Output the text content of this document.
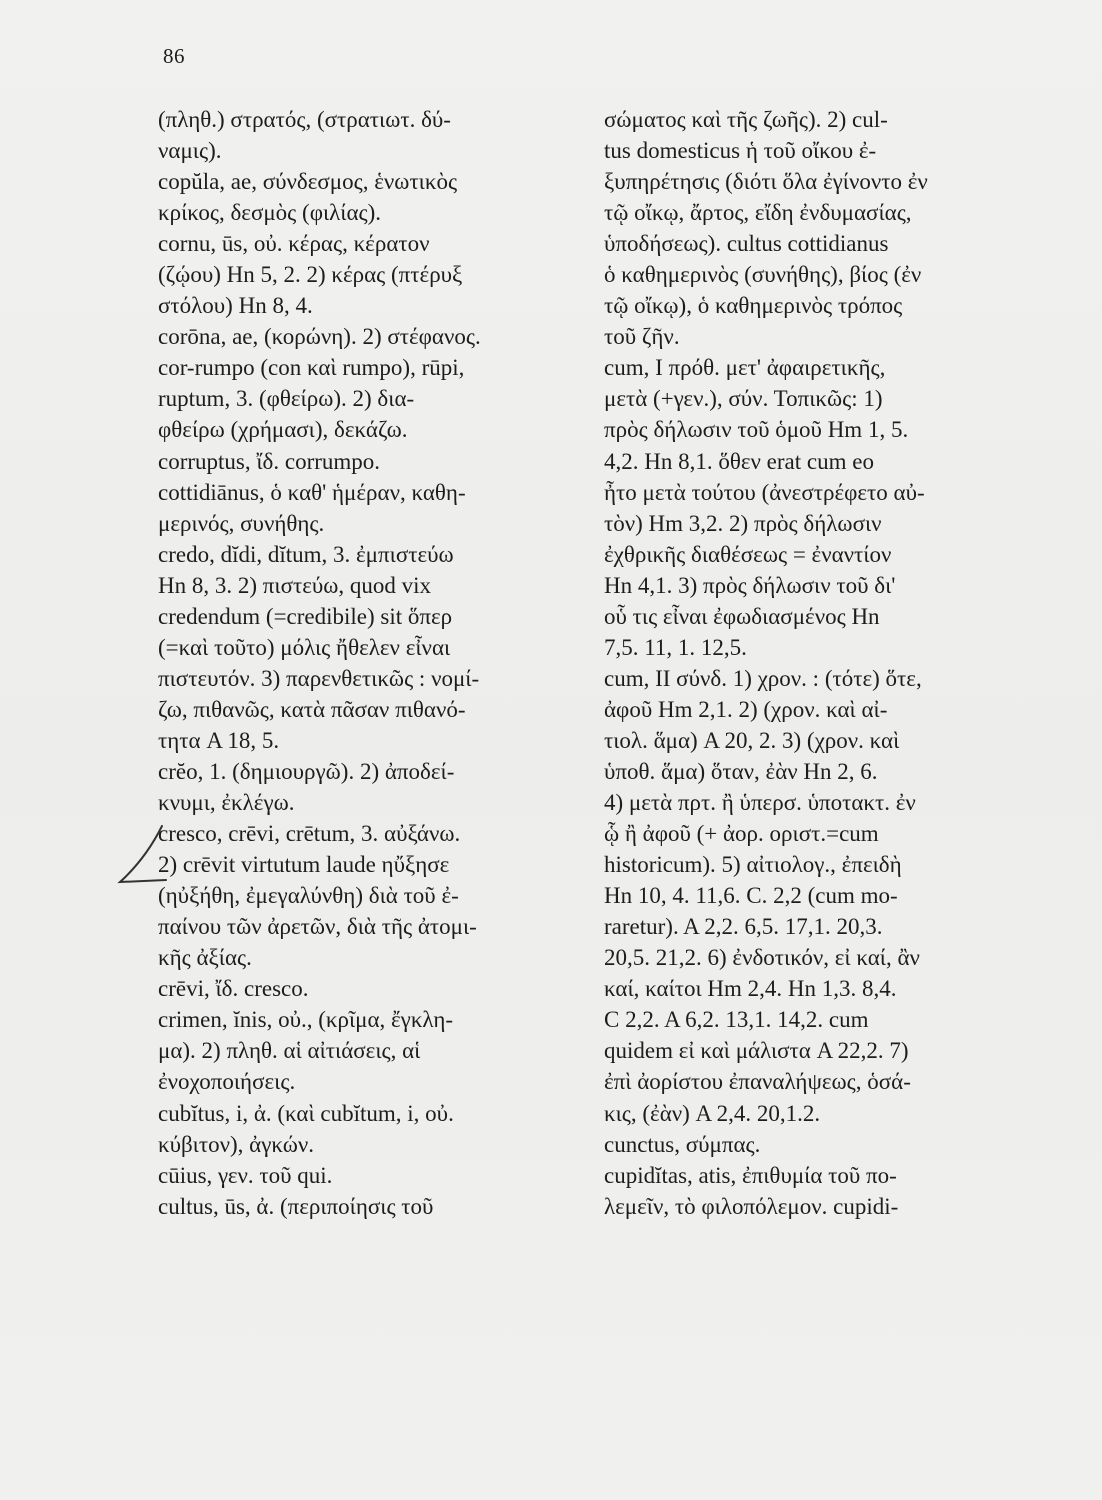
86
(πληθ.) στρατός, (στρατιωτ. δύ-
ναμις).
copŭla, ae, σύνδεσμος, ἑνωτικὸς
κρίκος, δεσμὸς (φιλίας).
cornu, ūs, οὐ. κέρας, κέρατον
(ζῴου) Hn 5, 2. 2) κέρας (πτέρυξ
στόλου) Hn 8, 4.
corōna, ae, (κορώνη). 2) στέφανος.
cor-rumpo (con καὶ rumpo), rūpi,
ruptum, 3. (φθείρω). 2) δια-
φθείρω (χρήμασι), δεκάζω.
corruptus, ἴδ. corrumpo.
cottidiānus, ὁ καθ' ἡμέραν, καθη-
μερινός, συνήθης.
credo, dĭdi, dĭtum, 3. ἐμπιστεύω
Hn 8, 3. 2) πιστεύω, quod vix
credendum (=credibile) sit ὅπερ
(=καὶ τοῦτο) μόλις ἤθελεν εἶναι
πιστευτόν. 3) παρενθετικῶς : νομί-
ζω, πιθανῶς, κατὰ πᾶσαν πιθανό-
τητα A 18, 5.
crĕo, 1. (δημιουργῶ). 2) ἀποδεί-
κνυμι, ἐκλέγω.
cresco, crēvi, crētum, 3. αὐξάνω.
2) crēvit virtutum laude ηὔξησε
(ηὐξήθη, ἐμεγαλύνθη) διὰ τοῦ ἐ-
παίνου τῶν ἀρετῶν, διὰ τῆς ἀτομι-
κῆς ἀξίας.
crēvi, ἴδ. cresco.
crimen, ĭnis, οὐ., (κρῖμα, ἔγκλη-
μα). 2) πληθ. αἱ αἰτιάσεις, αἱ
ἐνοχοποιήσεις.
cubĭtus, i, ἀ. (καὶ cubĭtum, i, οὐ.
κύβιτον), ἀγκών.
cūius, γεν. τοῦ qui.
cultus, ūs, ἀ. (περιποίησις τοῦ
σώματος καὶ τῆς ζωῆς). 2) cul-
tus domesticus ἡ τοῦ οἴκου ἐ-
ξυπηρέτησις (διότι ὅλα ἐγίνοντο ἐν
τῷ οἴκῳ, ἄρτος, εἴδη ἐνδυμασίας,
ὑποδήσεως). cultus cottidianus
ὁ καθημερινὸς (συνήθης), βίος (ἐν
τῷ οἴκῳ), ὁ καθημερινὸς τρόπος
τοῦ ζῆν.
cum, I πρόθ. μετ' ἀφαιρετικῆς,
μετὰ (+γεν.), σύν. Τοπικῶς: 1)
πρὸς δήλωσιν τοῦ ὁμοῦ Hm 1, 5.
4,2. Hn 8,1. ὅθεν erat cum eo
ἦτο μετὰ τούτου (ἀνεστρέφετο αὐ-
τὸν) Hm 3,2. 2) πρὸς δήλωσιν
ἐχθρικῆς διαθέσεως = ἐναντίον
Hn 4,1. 3) πρὸς δήλωσιν τοῦ δι'
οὗ τις εἶναι ἐφωδιασμένος Hn
7,5. 11, 1. 12,5.
cum, II σύνδ. 1) χρον. : (τότε) ὅτε,
ἀφοῦ Hm 2,1. 2) (χρον. καὶ αἰ-
τιολ. ἅμα) A 20, 2. 3) (χρον. καὶ
ὑποθ. ἅμα) ὅταν, ἐὰν Hn 2, 6.
4) μετὰ πρτ. ἢ ὑπερσ. ὑποτακτ. ἐν
ᾧ ἢ ἀφοῦ (+ ἀορ. οριστ.=cum
historicum). 5) αἰτιολογ., ἐπειδὴ
Hn 10, 4. 11,6. C. 2,2 (cum mo-
raretur). A 2,2. 6,5. 17,1. 20,3.
20,5. 21,2. 6) ἐνδοτικόν, εἰ καί, ἂν
καί, καίτοι Hm 2,4. Hn 1,3. 8,4.
C 2,2. A 6,2. 13,1. 14,2. cum
quidem εἰ καὶ μάλιστα A 22,2. 7)
ἐπὶ ἀορίστου ἐπαναλήψεως, ὁσά-
κις, (ἐὰν) A 2,4. 20,1.2.
cunctus, σύμπας.
cupidĭtas, atis, ἐπιθυμία τοῦ πο-
λεμεῖν, τὸ φιλοπόλεμον. cupidi-
